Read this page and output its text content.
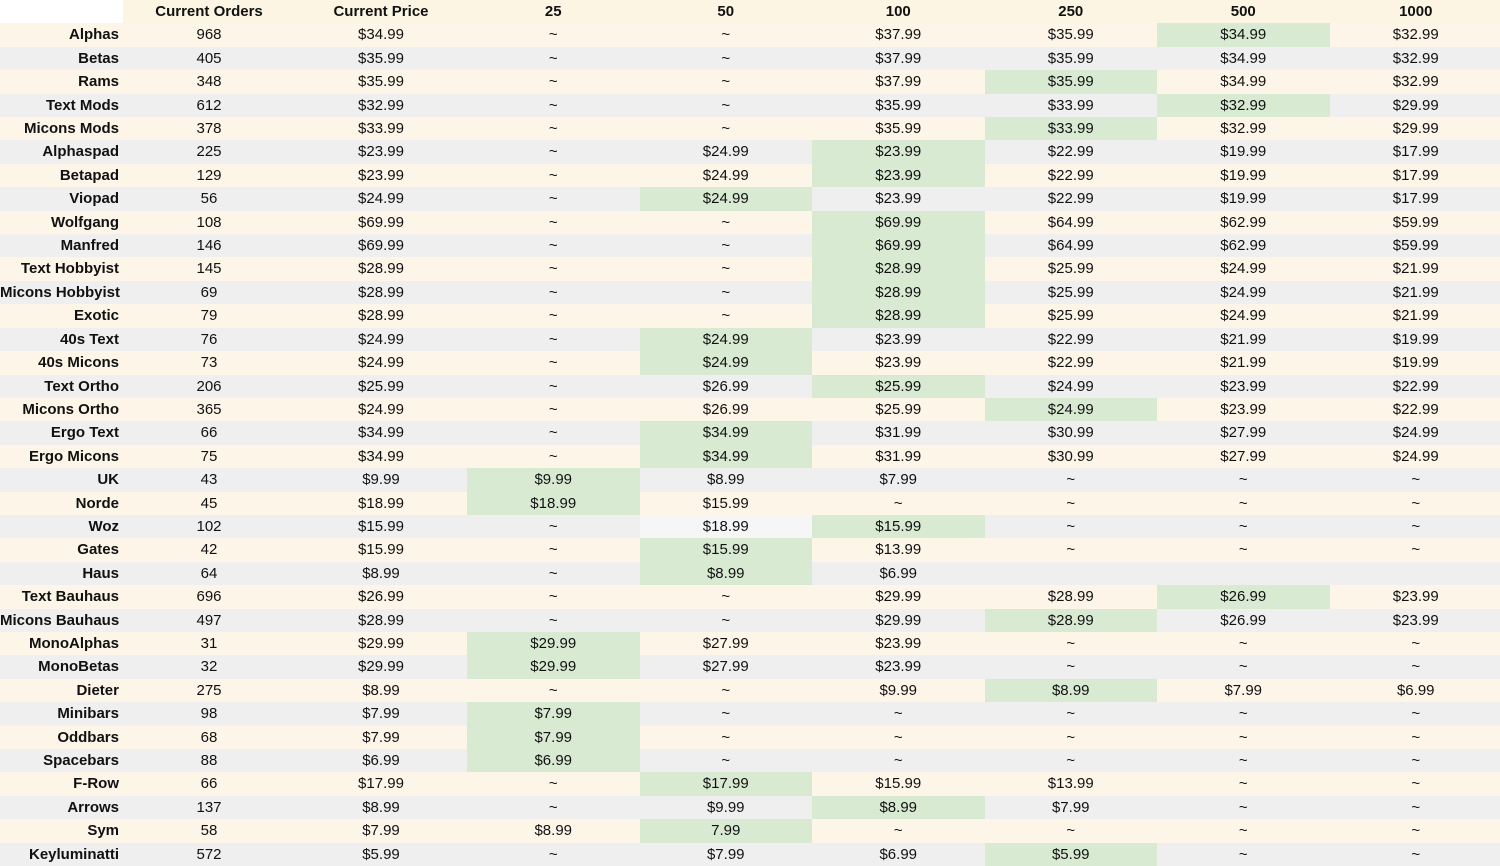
	Current Orders	Current Price	25	50	100	250	500	1000
Alphas	968	$34.99	~	~	$37.99	$35.99	$34.99	$32.99
Betas	405	$35.99	~	~	$37.99	$35.99	$34.99	$32.99
Rams	348	$35.99	~	~	$37.99	$35.99	$34.99	$32.99
Text Mods	612	$32.99	~	~	$35.99	$33.99	$32.99	$29.99
Micons Mods	378	$33.99	~	~	$35.99	$33.99	$32.99	$29.99
Alphaspad	225	$23.99	~	$24.99	$23.99	$22.99	$19.99	$17.99
Betapad	129	$23.99	~	$24.99	$23.99	$22.99	$19.99	$17.99
Viopad	56	$24.99	~	$24.99	$23.99	$22.99	$19.99	$17.99
Wolfgang	108	$69.99	~	~	$69.99	$64.99	$62.99	$59.99
Manfred	146	$69.99	~	~	$69.99	$64.99	$62.99	$59.99
Text Hobbyist	145	$28.99	~	~	$28.99	$25.99	$24.99	$21.99
Micons Hobbyist	69	$28.99	~	~	$28.99	$25.99	$24.99	$21.99
Exotic	79	$28.99	~	~	$28.99	$25.99	$24.99	$21.99
40s Text	76	$24.99	~	$24.99	$23.99	$22.99	$21.99	$19.99
40s Micons	73	$24.99	~	$24.99	$23.99	$22.99	$21.99	$19.99
Text Ortho	206	$25.99	~	$26.99	$25.99	$24.99	$23.99	$22.99
Micons Ortho	365	$24.99	~	$26.99	$25.99	$24.99	$23.99	$22.99
Ergo Text	66	$34.99	~	$34.99	$31.99	$30.99	$27.99	$24.99
Ergo Micons	75	$34.99	~	$34.99	$31.99	$30.99	$27.99	$24.99
UK	43	$9.99	$9.99	$8.99	$7.99	~	~	~
Norde	45	$18.99	$18.99	$15.99	~	~	~	~
Woz	102	$15.99	~	$18.99	$15.99	~	~	~
Gates	42	$15.99	~	$15.99	$13.99	~	~	~
Haus	64	$8.99	~	$8.99	$6.99			
Text Bauhaus	696	$26.99	~	~	$29.99	$28.99	$26.99	$23.99
Micons Bauhaus	497	$28.99	~	~	$29.99	$28.99	$26.99	$23.99
MonoAlphas	31	$29.99	$29.99	$27.99	$23.99	~	~	~
MonoBetas	32	$29.99	$29.99	$27.99	$23.99	~	~	~
Dieter	275	$8.99	~	~	$9.99	$8.99	$7.99	$6.99
Minibars	98	$7.99	$7.99	~	~	~	~	~
Oddbars	68	$7.99	$7.99	~	~	~	~	~
Spacebars	88	$6.99	$6.99	~	~	~	~	~
F-Row	66	$17.99	~	$17.99	$15.99	$13.99	~	~
Arrows	137	$8.99	~	$9.99	$8.99	$7.99	~	~
Sym	58	$7.99	$8.99	7.99	~	~	~	~
Keyluminatti	572	$5.99	~	$7.99	$6.99	$5.99	~	~
